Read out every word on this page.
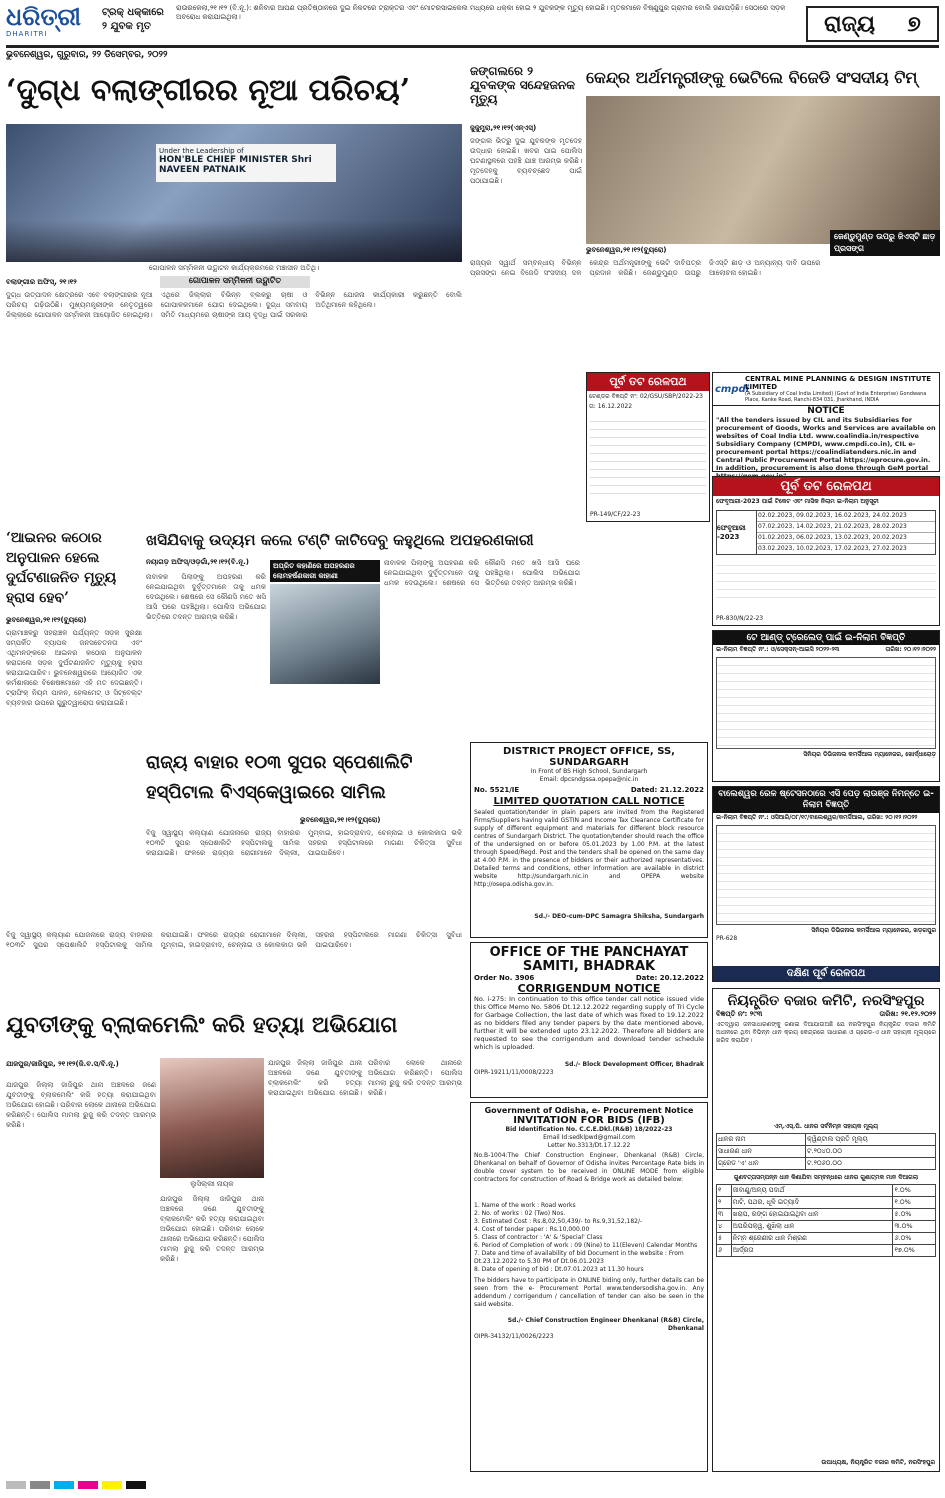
ଧରିତ୍ରୀ
DHARITRI
ଟ୍ରକ୍ ଧକ୍କାରେ ୨ ଯୁବକ ମୃତ
ରାଉରକେଲା,୨୧।୧୨ (ବି.ନୂ.): ଶନିବାର ଆପଣ ପ୍ରତିଷ୍ଠାନରେ ଦୁଇ ନିକଟରେ ଟ୍ରାକ୍ତର ଏବଂ ମୋଟରସାଇକେଲ ମଧ୍ୟରେ ଧକ୍କା ହୋଇ ୨ ଯୁବକଙ୍କ ମୃତ୍ୟୁ ହୋଇଛି। ମୃତକମାନେ ବିଷ୍ଣୁପୁର ଗ୍ରାମର ବୋଲି ଜଣାପଡ଼ିଛି। ସେଠାରେ ସଡ଼କ ଅବରୋଧ କରାଯାଇଥିଲା।	ରାଜ୍ୟ ୭
ଭୁବନେଶ୍ୱର, ଗୁରୁବାର, ୨୨ ଡିସେମ୍ବର, ୨୦୨୨
‘ଦୁଗ୍ଧ ବଲାଙ୍ଗୀରର ନୂଆ ପରିଚୟ’
Under the Leadership of
HON'BLE CHIEF MINISTER Shri NAVEEN PATNAIK
ଗୋପାଳନ ସମ୍ମିଳନୀ ଉଦ୍ଘାଟନ କାର୍ଯ୍ୟକ୍ରମରେ ମଞ୍ଚାସୀନ ଅତିଥି।
ଗୋପାଳନ ସମ୍ମିଳନୀ ଉଦ୍ଘାଟିତ
ବଲାଙ୍ଗୀର ଅଫିସ୍, ୨୧।୧୨
ଦୁଗ୍ଧ ଉତ୍ପାଦନ କ୍ଷେତ୍ରରେ ଏବେ ବଲାଙ୍ଗୀରର ନୂଆ ପରିଚୟ ଗଢ଼ିଉଠିଛି। ମୁଖ୍ୟମନ୍ତ୍ରୀଙ୍କ ନେତୃତ୍ୱରେ ଜିଲ୍ଲାରେ ଗୋପାଳନ ସମ୍ମିଳନୀ ଆୟୋଜିତ ହୋଇଥିଲା। ଏଥିରେ ଜିଲ୍ଲାର ବିଭିନ୍ନ ବ୍ଲକରୁ ଚାଷୀ ଓ ଗୋପାଳକମାନେ ଯୋଗ ଦେଇଥିଲେ। ଦୁଗ୍ଧ ସମବାୟ ସମିତି ମାଧ୍ୟମରେ ଚାଷୀଙ୍କ ଆୟ ବୃଦ୍ଧି ପାଇଁ ସରକାର ବିଭିନ୍ନ ଯୋଜନା କାର୍ଯ୍ୟକାରୀ କରୁଛନ୍ତି ବୋଲି ଅତିଥିମାନେ କହିଥିଲେ।
ଜଙ୍ଗଲରେ ୨ ଯୁବକଙ୍କ ସନ୍ଦେହଜନକ ମୃତ୍ୟୁ
ଜୁଜୁମୁରା,୨୧।୧୨(ଏନ୍‌ଏସ୍‌)
ଜଙ୍ଗଲ ଭିତରୁ ଦୁଇ ଯୁବକଙ୍କ ମୃତଦେହ ଉଦ୍ଧାର ହୋଇଛି। ଖବର ପାଇ ପୋଲିସ ଘଟଣାସ୍ଥଳରେ ପହଞ୍ଚି ଯାଞ୍ଚ ଆରମ୍ଭ କରିଛି। ମୃତଦେହକୁ ବ୍ୟବଚ୍ଛେଦ ପାଇଁ ପଠାଯାଇଛି।
କେନ୍ଦ୍ର ଅର୍ଥମନ୍ତ୍ରୀଙ୍କୁ ଭେଟିଲେ ବିଜେଡି ସଂସଦୀୟ ଟିମ୍
ଜେଣ୍ଡୁମୁଣ୍ଡ ଉପରୁ ଜିଏସ୍‌ଟି ଛାଡ଼ ପ୍ରସଙ୍ଗ
ଭୁବନେଶ୍ୱର,୨୧।୧୨(ବ୍ୟୁରୋ)
ରାଜ୍ୟର ସ୍ୱାର୍ଥ ସମ୍ବନ୍ଧୀୟ ବିଭିନ୍ନ ପ୍ରସଙ୍ଗ ନେଇ ବିଜେଡି ସଂସଦୀୟ ଦଳ କେନ୍ଦ୍ର ଅର୍ଥମନ୍ତ୍ରୀଙ୍କୁ ଭେଟି ଦାବିପତ୍ର ପ୍ରଦାନ କରିଛି। ଜେଣ୍ଡୁମୁଣ୍ଡ ଉପରୁ ଜିଏସ୍‌ଟି ଛାଡ଼ ଓ ଅନ୍ୟାନ୍ୟ ଦାବି ଉପରେ ଆଲୋଚନା ହୋଇଛି।
ପୂର୍ବ ତଟ ରେଳପଥ
ଟେଣ୍ଡର ବିଜ୍ଞପ୍ତି ନଂ: 02/GSU/SBP/2022-23
ତା: 16.12.2022
PR-149/CF/22-23
cmpdi
CENTRAL MINE PLANNING & DESIGN INSTITUTE LIMITED
(A Subsidiary of Coal India Limited) (Govt of India Enterprise) Gondwana Place, Kanke Road, Ranchi-834 031, Jharkhand, INDIA
NOTICE
"All the tenders issued by CIL and its Subsidiaries for procurement of Goods, Works and Services are available on websites of Coal India Ltd. www.coalindia.in/respective Subsidiary Company (CMPDI, www.cmpdi.co.in), CIL e-procurement portal https://coalindiatenders.nic.in and Central Public Procurement Portal https://eprocure.gov.in. In addition, procurement is also done through GeM portal
ପୂର୍ବ ତଟ ରେଳପଥ
ଫେବୃଆରୀ-2023 ପାଇଁ ଟିକେଟ ଏବଂ ମାସିକ ନିଲାମ ଇ-ନିଲାମ ଅନୁସୂଚୀ
ଫେବୃଆରୀ -2023
02.02.2023, 09.02.2023, 16.02.2023, 24.02.2023
07.02.2023, 14.02.2023, 21.02.2023, 28.02.2023
01.02.2023, 06.02.2023, 13.02.2023, 20.02.2023
03.02.2023, 10.02.2023, 17.02.2023, 27.02.2023
PR-830/N/22-23
ଖସିଯିବାକୁ ଉଦ୍ୟମ କଲେ ଟଣ୍ଟି କାଟିଦେବୁ କହୁଥିଲେ ଅପହରଣକାରୀ
ନୟାଗଡ଼ ଅଫିସ୍/ଓଡ଼ଗାଁ,୨୧।୧୨(ବି.ନୂ.)	ଅପ୍ରିତ କହାଣିରେ ଅପହରଣର ଲୋମହର୍ଷଣକାରୀ କାହାଣୀ
ନାବାଳକ ପିଲାଙ୍କୁ ଅପହରଣ କରି ନେଇଯାଇଥିବା ଦୁର୍ବୃତ୍ତମାନେ ତାକୁ ଧମକ ଦେଉଥିଲେ। ଶେଷରେ ସେ କୌଣସି ମତେ ଖସି ଆସି ଘରେ ପହଞ୍ଚିଥିଲା। ପୋଲିସ ଅଭିଯୋଗ ଭିତ୍ତିରେ ତଦନ୍ତ ଆରମ୍ଭ କରିଛି।
ନାବାଳକ ପିଲାଙ୍କୁ ଅପହରଣ କରି ନେଇଯାଇଥିବା ଦୁର୍ବୃତ୍ତମାନେ ତାକୁ ଧମକ ଦେଉଥିଲେ। ଶେଷରେ ସେ କୌଣସି ମତେ ଖସି ଆସି ଘରେ ପହଞ୍ଚିଥିଲା। ପୋଲିସ ଅଭିଯୋଗ ଭିତ୍ତିରେ ତଦନ୍ତ ଆରମ୍ଭ କରିଛି।
‘ଆଇନର କଠୋର ଅନୁପାଳନ ହେଲେ ଦୁର୍ଘଟଣାଜନିତ ମୃତ୍ୟୁ ହ୍ରାସ ହେବ’
ଭୁବନେଶ୍ୱର,୨୧।୧୨(ବ୍ୟୁରୋ)
ଗ୍ରାମାଞ୍ଚଳରୁ ସହରାଞ୍ଚଳ ପର୍ଯ୍ୟନ୍ତ ସଡ଼କ ସୁରକ୍ଷା ସମ୍ପର୍କିତ ବ୍ୟାପକ ଜନସଚେତନତା ଏବଂ ଏଥିମନଙ୍କରେ ଆଇନର କଠୋର ଅନୁପାଳନ କରାଗଲେ ସଡ଼କ ଦୁର୍ଘଟଣାଜନିତ ମୃତ୍ୟୁକୁ ହ୍ରାସ କରାଯାଇପାରିବ। ଭୁବନେଶ୍ୱରରେ ଆୟୋଜିତ ଏକ କର୍ମଶାଳାରେ ବିଶେଷଜ୍ଞମାନେ ଏହି ମତ ଦେଇଛନ୍ତି। ଟ୍ରାଫିକ୍ ନିୟମ ପାଳନ, ହେଲମେଟ୍ ଓ ସିଟ୍‌ବେଲ୍ଟ ବ୍ୟବହାର ଉପରେ ଗୁରୁତ୍ୱାରୋପ କରାଯାଇଛି।
ରାଜ୍ୟ ବାହାର ୧୦୩ ସୁପର ସ୍ପେଶାଲିଟି ହସ୍ପିଟାଲ ବିଏସ୍‌କେୱାଇରେ ସାମିଲ
ଭୁବନେଶ୍ୱର,୨୧।୧୨(ବ୍ୟୁରୋ)
ବିଜୁ ସ୍ୱାସ୍ଥ୍ୟ କଲ୍ୟାଣ ଯୋଜନାରେ ରାଜ୍ୟ ବାହାରର ୧୦୩ଟି ସୁପର ସ୍ପେଶାଲିଟି ହସ୍ପିଟାଲକୁ ସାମିଲ କରାଯାଇଛି। ଫଳରେ ରାଜ୍ୟର ରୋଗୀମାନେ ଦିଲ୍ଲୀ, ମୁମ୍ବାଇ, ହାଇଦ୍ରାବାଦ, ଚେନ୍ନାଇ ଓ କୋଲକାତା ଭଳି ସହରର ହସ୍ପିଟାଲରେ ମାଗଣା ଚିକିତ୍ସା ସୁବିଧା ପାଇପାରିବେ।
ବିଜୁ ସ୍ୱାସ୍ଥ୍ୟ କଲ୍ୟାଣ ଯୋଜନାରେ ରାଜ୍ୟ ବାହାରର ୧୦୩ଟି ସୁପର ସ୍ପେଶାଲିଟି ହସ୍ପିଟାଲକୁ ସାମିଲ କରାଯାଇଛି। ଫଳରେ ରାଜ୍ୟର ରୋଗୀମାନେ ଦିଲ୍ଲୀ, ମୁମ୍ବାଇ, ହାଇଦ୍ରାବାଦ, ଚେନ୍ନାଇ ଓ କୋଲକାତା ଭଳି ସହରର ହସ୍ପିଟାଲରେ ମାଗଣା ଚିକିତ୍ସା ସୁବିଧା ପାଇପାରିବେ।
DISTRICT PROJECT OFFICE, SS, SUNDARGARH
In Front of BS High School, Sundargarh
Email: dpcsndgssa.opepa@nic.in
No. 5521/IE	Dated: 21.12.2022
LIMITED QUOTATION CALL NOTICE
Sealed quotation/tender in plain papers are invited from the Registered Firms/Suppliers having valid GSTIN and Income Tax Clearance Certificate for supply of different equipment and materials for different block resource centres of Sundargarh District. The quotation/tender should reach the office of the undersigned on or before 05.01.2023 by 1.00 P.M. at the latest through Speed/Regd. Post and the tenders shall be opened on the same day at 4.00 P.M. in the presence of bidders or their authorized representatives. Detailed terms and conditions, other information are available in district website http://sundargarh.nic.in and OPEPA website http://osepa.odisha.gov.in.
Sd./- DEO-cum-DPC Samagra Shiksha, Sundargarh
OFFICE OF THE PANCHAYAT SAMITI, BHADRAK
Order No. 3906	Date: 20.12.2022
CORRIGENDUM NOTICE
No. i-275: In continuation to this office tender call notice issued vide this Office Memo No. 5806 Dt.12.12.2022 regarding supply of Tri Cycle for Garbage Collection, the last date of which was fixed to 19.12.2022 as no bidders filed any tender papers by the date mentioned above, further it will be extended upto 23.12.2022. Therefore all bidders are requested to see the corrigendum and download tender schedule which is uploaded.
Sd./- Block Development Officer, Bhadrak
OIPR-19211/11/0008/2223
Government of Odisha, e- Procurement Notice
INVITATION FOR BIDS (IFB)
Bid Identification No. C.C.E.Dkl.(R&B) 18/2022-23
Email Id:sedklpwd@gmail.com
Letter No.3313/Dt.17.12.22
No.B-1004:The Chief Construction Engineer, Dhenkanal (R&B) Circle, Dhenkanal on behalf of Governor of Odisha invites Percentage Rate bids in double cover system to be received in ONLINE MODE from eligible contractors for construction of Road & Bridge work as detailed below:
1. Name of the work : Road works
2. No. of works : 02 (Two) Nos.
3. Estimated Cost : Rs.8,02,50,439/- to Rs.9,31,52,182/-
4. Cost of tender paper : Rs.10,000.00
5. Class of contractor : 'A' & 'Special' Class
6. Period of Completion of work : 09 (Nine) to 11(Eleven) Calendar Months
7. Date and time of availability of bid Document in the website : From Dt.23.12.2022 to 5.30 PM of Dt.06.01.2023
8. Date of opening of bid : Dt.07.01.2023 at 11.30 hours
The bidders have to participate in ONLINE biding only, further details can be seen from the e- Procurement Portal www.tendersodisha.gov.in. Any addendum / corrigendum / cancellation of tender can also be seen in the said website.
Sd./- Chief Construction Engineer Dhenkanal (R&B) Circle, Dhenkanal
OIPR-34132/11/0026/2223
ଟେ ଆଣ୍ଡ୍ ଟ୍ରେଲେଡ୍ ପାଇଁ ଇ-ନିଲାମ ବିଜ୍ଞପ୍ତି
ଇ-ନିଲାମ ବିଜ୍ଞପ୍ତି ନଂ.: ଓ/ସେକ୍ସନ୍-ଆଇସି ୨୦୨୨-୨୩	ତାରିଖ: ୨୦।୧୨।୨୦୨୨
ସିନିୟର ଡିଭିଜନାଲ କମର୍ସିଆଲ ମ୍ୟାନେଜର, ଖୋର୍ଦ୍ଧାରୋଡ଼
ବାଲେଶ୍ୱର ରେଳ ଷ୍ଟେସନଠାରେ ଏସି ପେଡ଼ ଲାଉଞ୍ଜ ନିମନ୍ତେ ଇ-ନିଲାମ ବିଜ୍ଞପ୍ତି
ଇ-ନିଲାମ ବିଜ୍ଞପ୍ତି ନଂ.: ଓସିଆରି/୦୮/୧୯/ବାଲେଶ୍ୱର/କମର୍ସିଆଲ, ତାରିଖ: ୨୦।୧୨।୨୦୨୨
ସିନିୟର ଡିଭିଜନାଲ କମର୍ସିଆଲ ମ୍ୟାନେଜର, ଖଡ଼ଗପୁର
PR-628
ଦକ୍ଷିଣ ପୂର୍ବ ରେଳପଥ
ନିୟନ୍ତ୍ରିତ ବଜାର କମିଟି, ନରସିଂହପୁର
ବିଜ୍ଞପ୍ତି ନଂ: ୨୯୩	ତାରିଖ: ୨୧.୧୨.୨୦୨୨
ଏତଦ୍ୱାରା ଜନସାଧାରଣଙ୍କୁ ଜଣାଇ ଦିଆଯାଉଅଛି ଯେ ନରସିଂହପୁର ନିୟନ୍ତ୍ରିତ ବଜାର କମିଟି ଅଧୀନରେ ଥିବା ବିଭିନ୍ନ ଧାନ କ୍ରୟ କେନ୍ଦ୍ରରେ ସାଧାରଣ ଓ ଗ୍ରେଡ-ଏ ଧାନ ସହାୟକ ମୂଲ୍ୟରେ ଖରିଦ କରାଯିବ।
ଏମ୍.ଏସ୍.ପି. ଧାନର ସର୍ବନିମ୍ନ ସହାୟକ ମୂଲ୍ୟ
ଧାନର ନାମ	କ୍ୱିଣ୍ଟାଲ ପ୍ରତି ମୂଲ୍ୟ
ସାଧାରଣ ଧାନ	ଟ.୨୦୪୦.୦୦
ଗ୍ରେଡ 'ଏ' ଧାନ	ଟ.୨୦୬୦.୦୦
ଗୁଣବତ୍ତାସମ୍ପନ୍ନ ଧାନ କିଣାଯିବା ସମ୍ବନ୍ଧରେ ଧାନର ଗୁଣାତ୍ମକ ମାନ ଦିଆଗଲା
୧	ଜୀବାଣୁ/ଅନ୍ୟ ପଦାର୍ଥ	୧.୦%
୨	ମାଟି, ପଥର, ଧୂଳି ଇତ୍ୟାଦି	୧.୦%
୩	ଖରାପ, ରଙ୍ଗ ହୋଇଯାଇଥିବା ଧାନ	୫.୦%
୪	ଅପରିପକ୍ୱ, ଶୁଖିଲା ଧାନ	୩.୦%
୫	ନିମ୍ନ ଶ୍ରେଣୀର ଧାନ ମିଶ୍ରଣ	୬.୦%
୬	ଆର୍ଦ୍ରତା	୧୭.୦%
ଉପାଧ୍ୟକ୍ଷ, ନିୟନ୍ତ୍ରିତ ବଜାର କମିଟି, ନରସିଂହପୁର
ଯୁବତୀଙ୍କୁ ବ୍ଲାକମେଲିଂ କରି ହତ୍ୟା ଅଭିଯୋଗ
ଯାଜପୁର/ଜାଜିପୁର, ୨୧।୧୨(ଜି.ବ.ସ/ବି.ନୂ.)
ଲୁସିଲ୍ଲୀ ନାୟକ
ଯାଜପୁର ଜିଲ୍ଲା ଜାଜିପୁର ଥାନା ଅଞ୍ଚଳରେ ଜଣେ ଯୁବତୀଙ୍କୁ ବ୍ଲାକମେଲିଂ କରି ହତ୍ୟା କରାଯାଇଥିବା ଅଭିଯୋଗ ହୋଇଛି। ପରିବାର ଲୋକେ ଥାନାରେ ଅଭିଯୋଗ କରିଛନ୍ତି। ପୋଲିସ ମାମଲା ରୁଜୁ କରି ତଦନ୍ତ ଆରମ୍ଭ କରିଛି।
ଯାଜପୁର ଜିଲ୍ଲା ଜାଜିପୁର ଥାନା ଅଞ୍ଚଳରେ ଜଣେ ଯୁବତୀଙ୍କୁ ବ୍ଲାକମେଲିଂ କରି ହତ୍ୟା କରାଯାଇଥିବା ଅଭିଯୋଗ ହୋଇଛି। ପରିବାର ଲୋକେ ଥାନାରେ ଅଭିଯୋଗ କରିଛନ୍ତି। ପୋଲିସ ମାମଲା ରୁଜୁ କରି ତଦନ୍ତ ଆରମ୍ଭ କରିଛି।
ଯାଜପୁର ଜିଲ୍ଲା ଜାଜିପୁର ଥାନା ଅଞ୍ଚଳରେ ଜଣେ ଯୁବତୀଙ୍କୁ ବ୍ଲାକମେଲିଂ କରି ହତ୍ୟା କରାଯାଇଥିବା ଅଭିଯୋଗ ହୋଇଛି। ପରିବାର ଲୋକେ ଥାନାରେ ଅଭିଯୋଗ କରିଛନ୍ତି। ପୋଲିସ ମାମଲା ରୁଜୁ କରି ତଦନ୍ତ ଆରମ୍ଭ କରିଛି।
